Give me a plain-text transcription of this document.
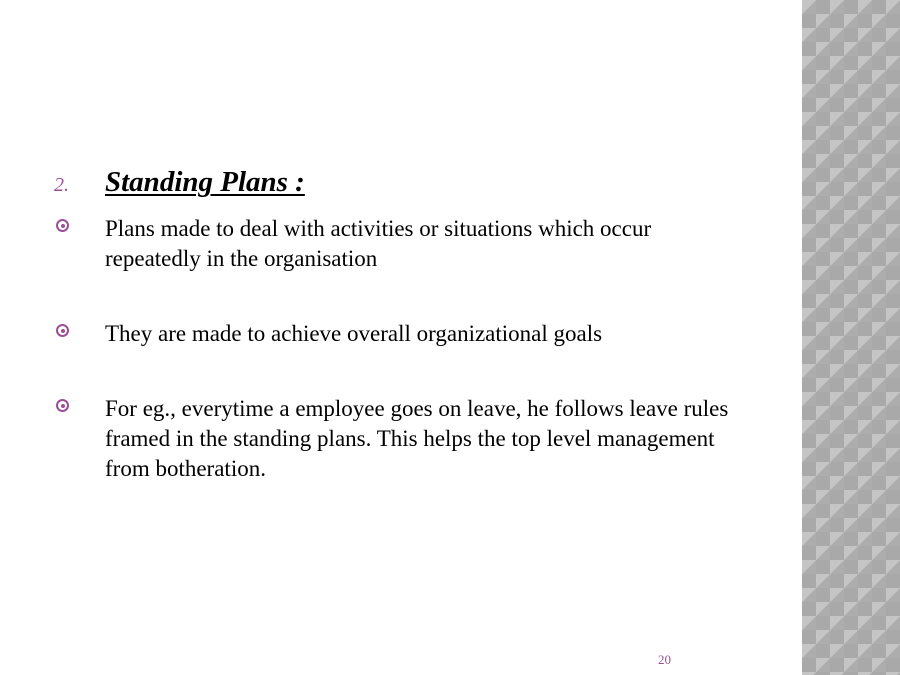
2.	Standing Plans :
Plans made to deal with activities or situations which occur repeatedly in the organisation
They are made to achieve overall organizational goals
For eg., everytime a employee goes on leave, he follows leave rules framed in the standing plans. This helps the top level management from botheration.
20
